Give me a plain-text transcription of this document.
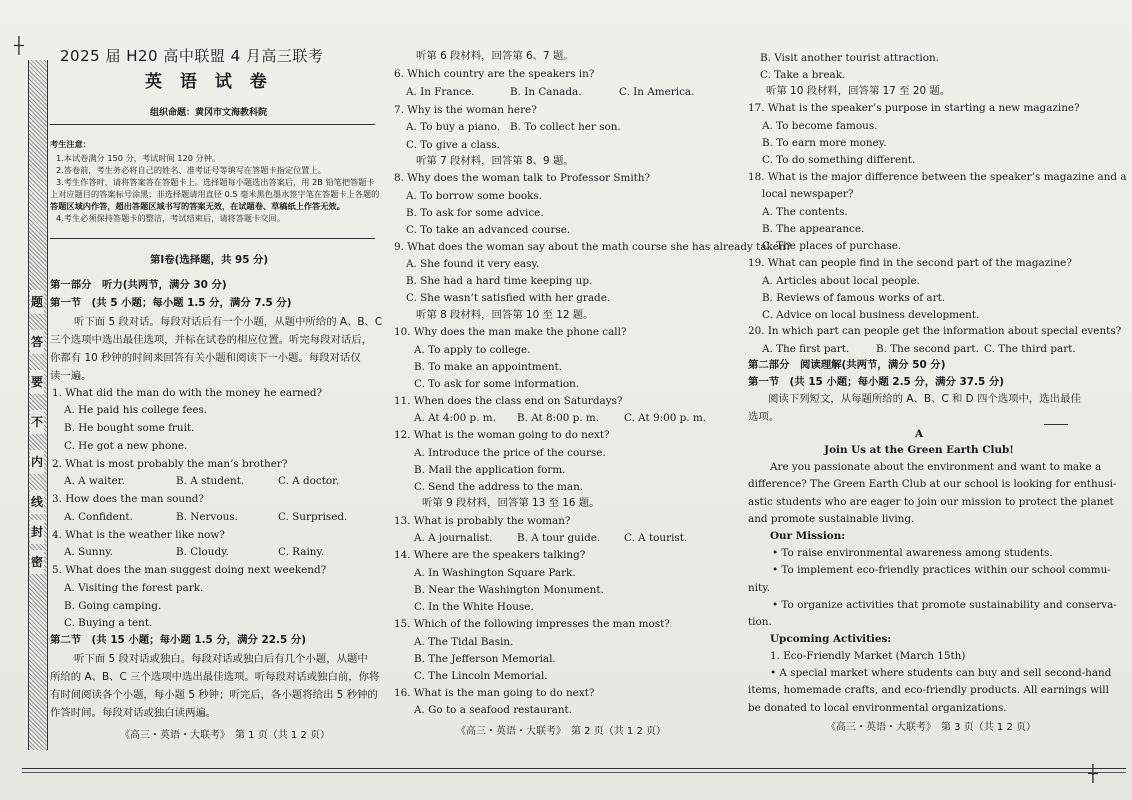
┼
┼
题
答
要
不
内
线
封
密
2025 届 H20 高中联盟 4 月高三联考
英 语 试 卷
组织命题：黄冈市文海教科院
考生注意：
1.本试卷满分 150 分，考试时间 120 分钟。
2.答卷前，考生务必将自己的姓名、准考证号等填写在答题卡指定位置上。
3.考生作答时，请将答案答在答题卡上。选择题每小题选出答案后，用 2B 铅笔把答题卡
上对应题目的答案标号涂黑；非选择题请用直径 0.5 毫米黑色墨水签字笔在答题卡上各题的
答题区域内作答，超出答题区域书写的答案无效，在试题卷、草稿纸上作答无效。
4.考生必须保持答题卡的整洁，考试结束后，请将答题卡交回。
第Ⅰ卷(选择题，共 95 分)
第一部分　听力(共两节，满分 30 分)
第一节　(共 5 小题；每小题 1.5 分，满分 7.5 分)
听下面 5 段对话。每段对话后有一个小题，从题中所给的 A、B、C
三个选项中选出最佳选项，并标在试卷的相应位置。听完每段对话后，
你都有 10 秒钟的时间来回答有关小题和阅读下一小题。每段对话仅
读一遍。
1. What did the man do with the money he earned?
A. He paid his college fees.
B. He bought some fruit.
C. He got a new phone.
2. What is most probably the man’s brother?
A. A waiter.	B. A student.	C. A doctor.
3. How does the man sound?
A. Confident.	B. Nervous.	C. Surprised.
4. What is the weather like now?
A. Sunny.	B. Cloudy.	C. Rainy.
5. What does the man suggest doing next weekend?
A. Visiting the forest park.
B. Going camping.
C. Buying a tent.
第二节　(共 15 小题；每小题 1.5 分，满分 22.5 分)
听下面 5 段对话或独白。每段对话或独白后有几个小题，从题中
所给的 A、B、C 三个选项中选出最佳选项。听每段对话或独白前，你将
有时间阅读各个小题，每小题 5 秒钟；听完后，各小题将给出 5 秒钟的
作答时间。每段对话或独白读两遍。
《高三・英语・大联考》　第 1 页（共 1 2 页）
听第 6 段材料，回答第 6、7 题。
6. Which country are the speakers in?
A. In France.	B. In Canada.	C. In America.
7. Why is the woman here?
A. To buy a piano. B. To collect her son.
C. To give a class.
听第 7 段材料，回答第 8、9 题。
8. Why does the woman talk to Professor Smith?
A. To borrow some books.
B. To ask for some advice.
C. To take an advanced course.
9. What does the woman say about the math course she has already taken?
A. She found it very easy.
B. She had a hard time keeping up.
C. She wasn’t satisfied with her grade.
听第 8 段材料，回答第 10 至 12 题。
10. Why does the man make the phone call?
A. To apply to college.
B. To make an appointment.
C. To ask for some information.
11. When does the class end on Saturdays?
A. At 4:00 p. m. B. At 8:00 p. m. C. At 9:00 p. m.
12. What is the woman going to do next?
A. Introduce the price of the course.
B. Mail the application form.
C. Send the address to the man.
听第 9 段材料，回答第 13 至 16 题。
13. What is probably the woman?
A. A journalist. B. A tour guide. C. A tourist.
14. Where are the speakers talking?
A. In Washington Square Park.
B. Near the Washington Monument.
C. In the White House.
15. Which of the following impresses the man most?
A. The Tidal Basin.
B. The Jefferson Memorial.
C. The Lincoln Memorial.
16. What is the man going to do next?
A. Go to a seafood restaurant.
《高三・英语・大联考》　第 2 页（共 1 2 页）
B. Visit another tourist attraction.
C. Take a break.
听第 10 段材料，回答第 17 至 20 题。
17. What is the speaker’s purpose in starting a new magazine?
A. To become famous.
B. To earn more money.
C. To do something different.
18. What is the major difference between the speaker’s magazine and a
local newspaper?
A. The contents.
B. The appearance.
C. The places of purchase.
19. What can people find in the second part of the magazine?
A. Articles about local people.
B. Reviews of famous works of art.
C. Advice on local business development.
20. In which part can people get the information about special events?
A. The first part.	B. The second part. C. The third part.
第二部分　阅读理解(共两节，满分 50 分)
第一节　(共 15 小题；每小题 2.5 分，满分 37.5 分)
阅读下列短文，从每题所给的 A、B、C 和 D 四个选项中，选出最佳
选项。
A
Join Us at the Green Earth Club!
Are you passionate about the environment and want to make a
difference? The Green Earth Club at our school is looking for enthusi-
astic students who are eager to join our mission to protect the planet
and promote sustainable living.
Our Mission:
• To raise environmental awareness among students.
• To implement eco-friendly practices within our school commu-
nity.
• To organize activities that promote sustainability and conserva-
tion.
Upcoming Activities:
1. Eco-Friendly Market (March 15th)
• A special market where students can buy and sell second-hand
items, homemade crafts, and eco-friendly products. All earnings will
be donated to local environmental organizations.
《高三・英语・大联考》　第 3 页（共 1 2 页）
